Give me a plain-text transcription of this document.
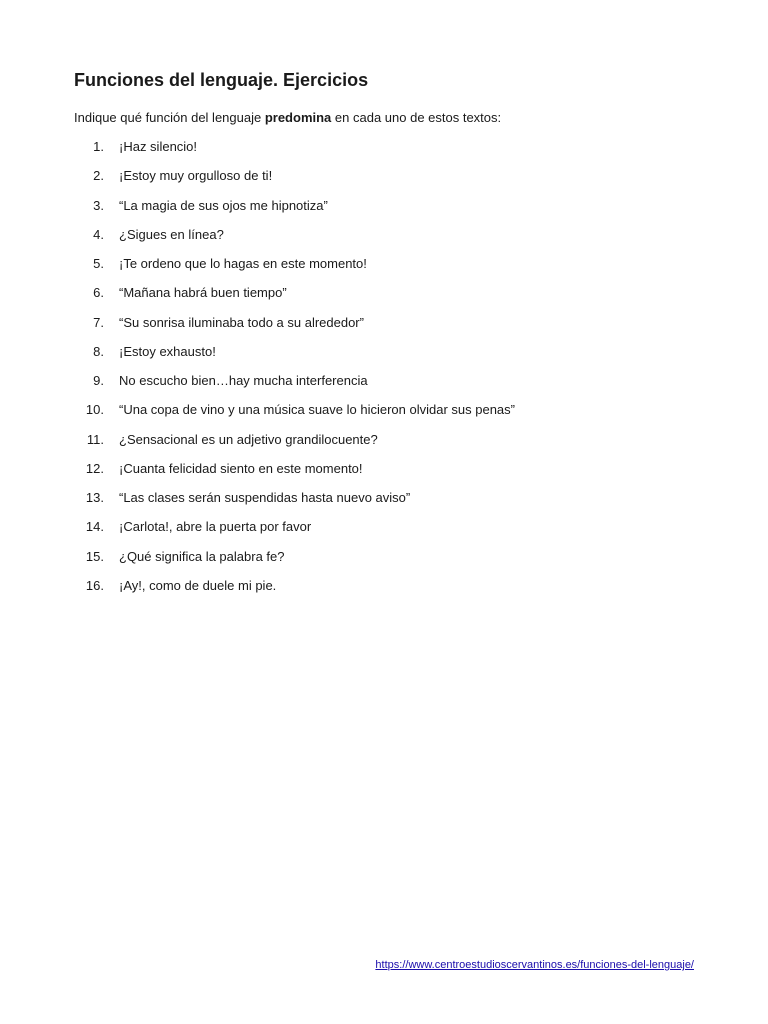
Funciones del lenguaje. Ejercicios

Indique qué función del lenguaje predomina en cada uno de estos textos:

1. ¡Haz silencio!
2. ¡Estoy muy orgulloso de ti!
3. “La magia de sus ojos me hipnotiza”
4. ¿Sigues en línea?
5. ¡Te ordeno que lo hagas en este momento!
6. “Mañana habrá buen tiempo”
7. “Su sonrisa iluminaba todo a su alrededor”
8. ¡Estoy exhausto!
9. No escucho bien…hay mucha interferencia
10. “Una copa de vino y una música suave lo hicieron olvidar sus penas”
11. ¿Sensacional es un adjetivo grandilocuente?
12. ¡Cuanta felicidad siento en este momento!
13. “Las clases serán suspendidas hasta nuevo aviso”
14. ¡Carlota!, abre la puerta por favor
15. ¿Qué significa la palabra fe?
16. ¡Ay!, como de duele mi pie.
https://www.centroestudioscervantinos.es/funciones-del-lenguaje/
